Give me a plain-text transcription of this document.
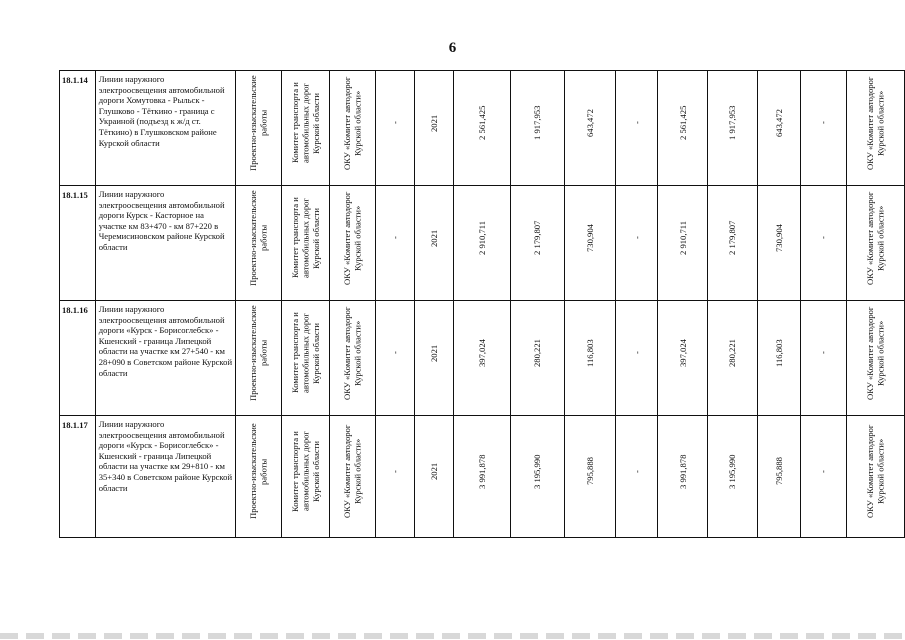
6
18.1.14	Линии наружного электроосвещения автомобильной дороги Хомутовка - Рыльск - Глушково - Тёткино - граница с Украиной (подъезд к ж/д ст. Тёткино) в Глушковском районе Курской области	Проектно-изыскательские работы	Комитет транспорта и автомобильных дорог Курской области	ОКУ «Комитет автодорог Курской области»	-	2021	2 561,425	1 917,953	643,472	-	2 561,425	1 917,953	643,472	-	ОКУ «Комитет автодорог Курской области»

18.1.15	Линии наружного электроосвещения автомобильной дороги Курск - Касторное на участке км 83+470 - км 87+220 в Черемисиновском районе Курской области	Проектно-изыскательские работы	Комитет транспорта и автомобильных дорог Курской области	ОКУ «Комитет автодорог Курской области»	-	2021	2 910,711	2 179,807	730,904	-	2 910,711	2 179,807	730,904	-	ОКУ «Комитет автодорог Курской области»

18.1.16	Линии наружного электроосвещения автомобильной дороги «Курск - Борисоглебск» - Кшенский - граница Липецкой области на участке км 27+540 - км 28+090 в Советском районе Курской области	Проектно-изыскательские работы	Комитет транспорта и автомобильных дорог Курской области	ОКУ «Комитет автодорог Курской области»	-	2021	397,024	280,221	116,803	-	397,024	280,221	116,803	-	ОКУ «Комитет автодорог Курской области»

18.1.17	Линии наружного электроосвещения автомобильной дороги «Курск - Борисоглебск» - Кшенский - граница Липецкой области на участке км 29+810 - км 35+340 в Советском районе Курской области	Проектно-изыскательские работы	Комитет транспорта и автомобильных дорог Курской области	ОКУ «Комитет автодорог Курской области»	-	2021	3 991,878	3 195,990	795,888	-	3 991,878	3 195,990	795,888	-	ОКУ «Комитет автодорог Курской области»
